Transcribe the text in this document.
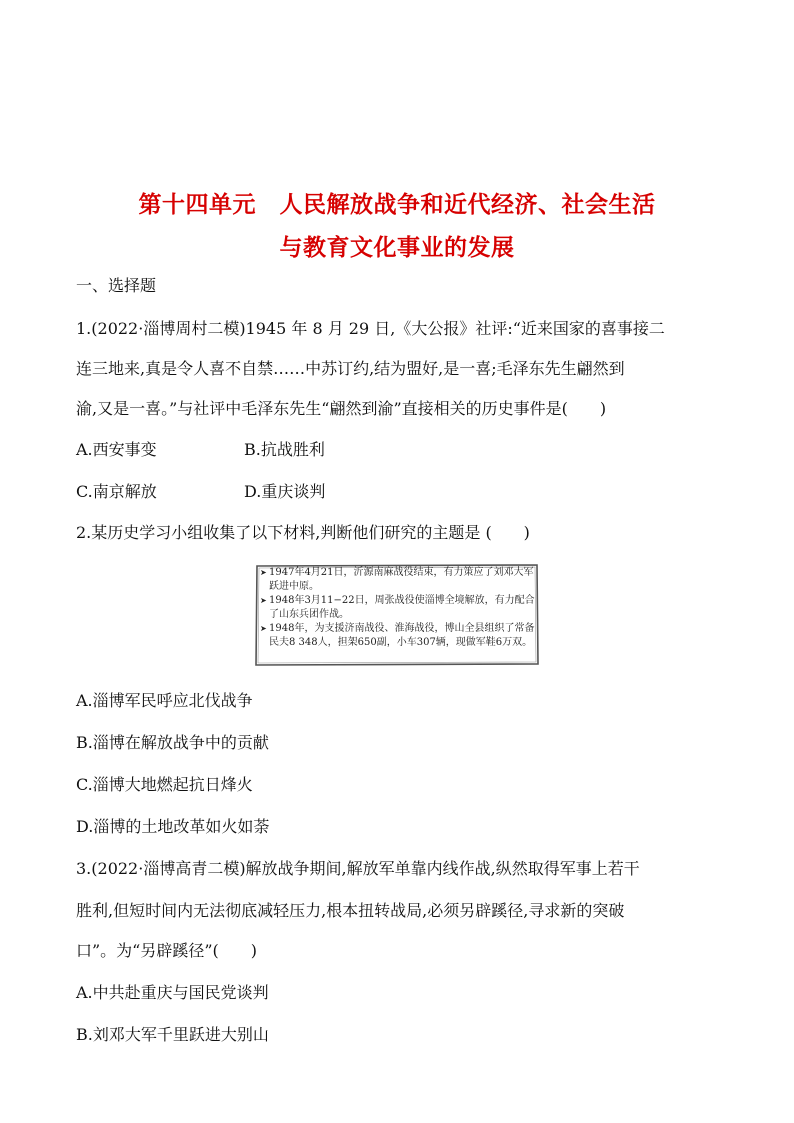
第十四单元　人民解放战争和近代经济、社会生活
与教育文化事业的发展
一、选择题
1.(2022·淄博周村二模)1945 年 8 月 29 日,《大公报》社评:“近来国家的喜事接二
连三地来,真是令人喜不自禁……中苏订约,结为盟好,是一喜;毛泽东先生翩然到
渝,又是一喜。”与社评中毛泽东先生“翩然到渝”直接相关的历史事件是(　　)
A.西安事变	B.抗战胜利
C.南京解放	D.重庆谈判
2.某历史学习小组收集了以下材料,判断他们研究的主题是 (　　)
➤ 1947年4月21日，沂源南麻战役结束，有力策应了刘邓大军跃进中原。
➤ 1948年3月11−22日，周张战役使淄博全境解放，有力配合了山东兵团作战。
➤ 1948年，为支援济南战役、淮海战役，博山全县组织了常备民夫8 348人，担架650副，小车307辆，现做军鞋6万双。
A.淄博军民呼应北伐战争
B.淄博在解放战争中的贡献
C.淄博大地燃起抗日烽火
D.淄博的土地改革如火如荼
3.(2022·淄博高青二模)解放战争期间,解放军单靠内线作战,纵然取得军事上若干
胜利,但短时间内无法彻底减轻压力,根本扭转战局,必须另辟蹊径,寻求新的突破
口”。为“另辟蹊径”(　　)
A.中共赴重庆与国民党谈判
B.刘邓大军千里跃进大别山
